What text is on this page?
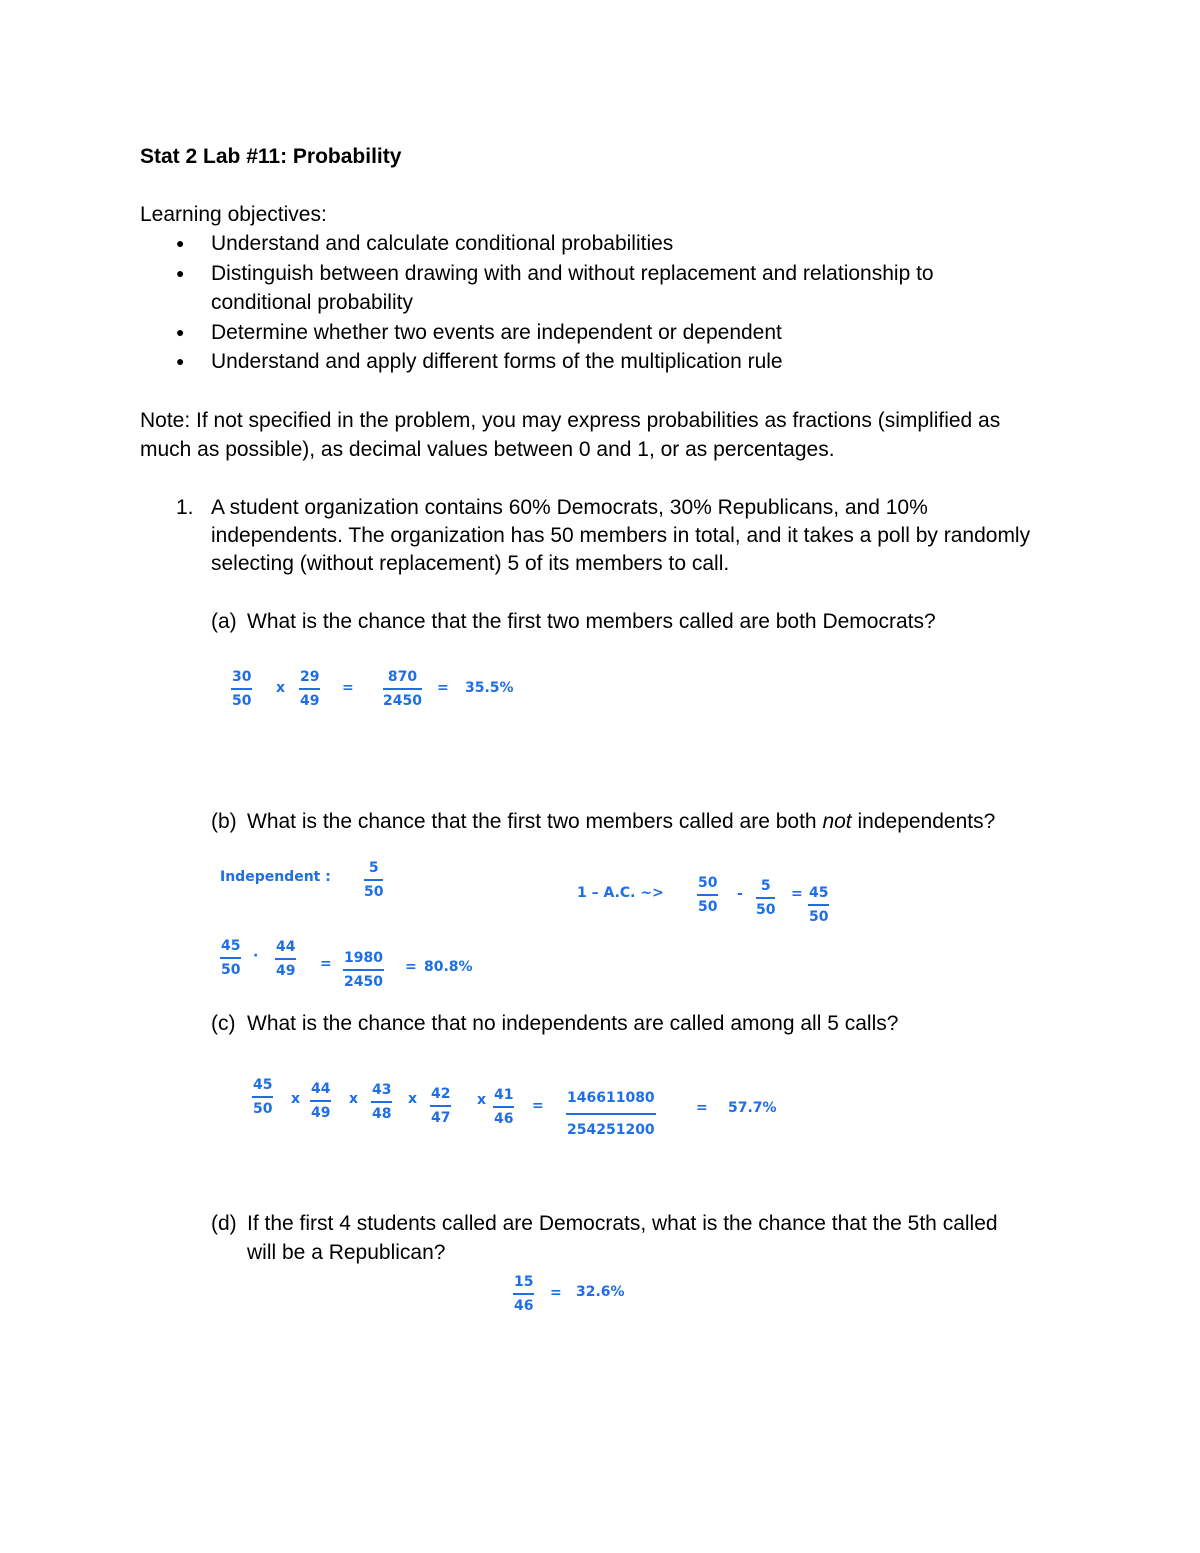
Stat 2 Lab #11: Probability
Learning objectives:
● Understand and calculate conditional probabilities
● Distinguish between drawing with and without replacement and relationship to
conditional probability
● Determine whether two events are independent or dependent
● Understand and apply different forms of the multiplication rule
Note: If not specified in the problem, you may express probabilities as fractions (simplified as
much as possible), as decimal values between 0 and 1, or as percentages.
1. A student organization contains 60% Democrats, 30% Republicans, and 10%
independents. The organization has 50 members in total, and it takes a poll by randomly
selecting (without replacement) 5 of its members to call.
(a) What is the chance that the first two members called are both Democrats?
30
50
x
29
49
=
870
2450
= 35.5%
(b) What is the chance that the first two members called are both not independents?
Independent :
5
50	1 – A.C. ~>
50
50
- 5
50
= 45
50
45
50
·
44
49 = 1980
2450
= 80.8%
(c) What is the chance that no independents are called among all 5 calls?
45
50
x
44
49
x
43
48
x 42
47
x 41
46
= 146611080
254251200
= 57.7%
(d) If the first 4 students called are Democrats, what is the chance that the 5th called
will be a Republican?
15
46
= 32.6%
